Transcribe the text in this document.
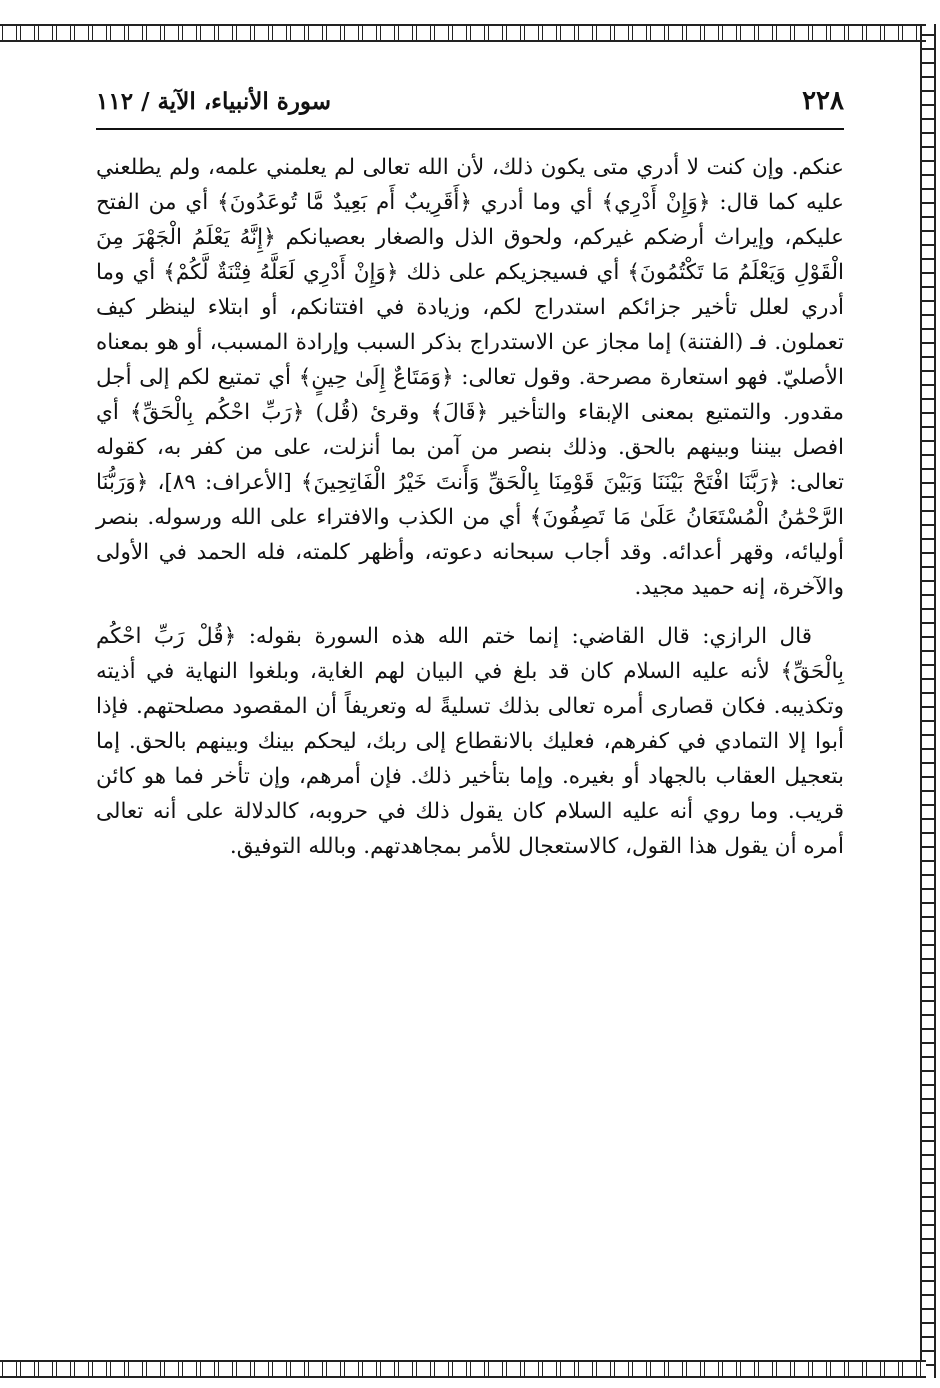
٢٢٨
سورة الأنبياء، الآية / ١١٢

عنكم. وإن كنت لا أدري متى يكون ذلك، لأن الله تعالى لم يعلمني علمه، ولم يطلعني عليه كما قال: ﴿وَإِنْ أَدْرِي﴾ أي وما أدري ﴿أَقَرِيبٌ أَم بَعِيدٌ مَّا تُوعَدُونَ﴾ أي من الفتح عليكم، وإيراث أرضكم غيركم، ولحوق الذل والصغار بعصيانكم ﴿إِنَّهُ يَعْلَمُ الْجَهْرَ مِنَ الْقَوْلِ وَيَعْلَمُ مَا تَكْتُمُونَ﴾ أي فسيجزيكم على ذلك ﴿وَإِنْ أَدْرِي لَعَلَّهُ فِتْنَةٌ لَّكُمْ﴾ أي وما أدري لعلل تأخير جزائكم استدراج لكم، وزيادة في افتتانكم، أو ابتلاء لينظر كيف تعملون. فـ (الفتنة) إما مجاز عن الاستدراج بذكر السبب وإرادة المسبب، أو هو بمعناه الأصليّ. فهو استعارة مصرحة. وقول تعالى: ﴿وَمَتَاعٌ إِلَىٰ حِينٍ﴾ أي تمتيع لكم إلى أجل مقدور. والتمتيع بمعنى الإبقاء والتأخير ﴿قَالَ﴾ وقرئ (قُل) ﴿رَبِّ احْكُم بِالْحَقِّ﴾ أي افصل بيننا وبينهم بالحق. وذلك بنصر من آمن بما أنزلت، على من كفر به، كقوله تعالى: ﴿رَبَّنَا افْتَحْ بَيْنَنَا وَبَيْنَ قَوْمِنَا بِالْحَقِّ وَأَنتَ خَيْرُ الْفَاتِحِينَ﴾ [الأعراف: ٨٩]، ﴿وَرَبُّنَا الرَّحْمَٰنُ الْمُسْتَعَانُ عَلَىٰ مَا تَصِفُونَ﴾ أي من الكذب والافتراء على الله ورسوله. بنصر أوليائه، وقهر أعدائه. وقد أجاب سبحانه دعوته، وأظهر كلمته، فله الحمد في الأولى والآخرة، إنه حميد مجيد.

قال الرازي: قال القاضي: إنما ختم الله هذه السورة بقوله: ﴿قُلْ رَبِّ احْكُم بِالْحَقِّ﴾ لأنه عليه السلام كان قد بلغ في البيان لهم الغاية، وبلغوا النهاية في أذيته وتكذيبه. فكان قصارى أمره تعالى بذلك تسليةً له وتعريفاً أن المقصود مصلحتهم. فإذا أبوا إلا التمادي في كفرهم، فعليك بالانقطاع إلى ربك، ليحكم بينك وبينهم بالحق. إما بتعجيل العقاب بالجهاد أو بغيره. وإما بتأخير ذلك. فإن أمرهم، وإن تأخر فما هو كائن قريب. وما روي أنه عليه السلام كان يقول ذلك في حروبه، كالدلالة على أنه تعالى أمره أن يقول هذا القول، كالاستعجال للأمر بمجاهدتهم. وبالله التوفيق.
